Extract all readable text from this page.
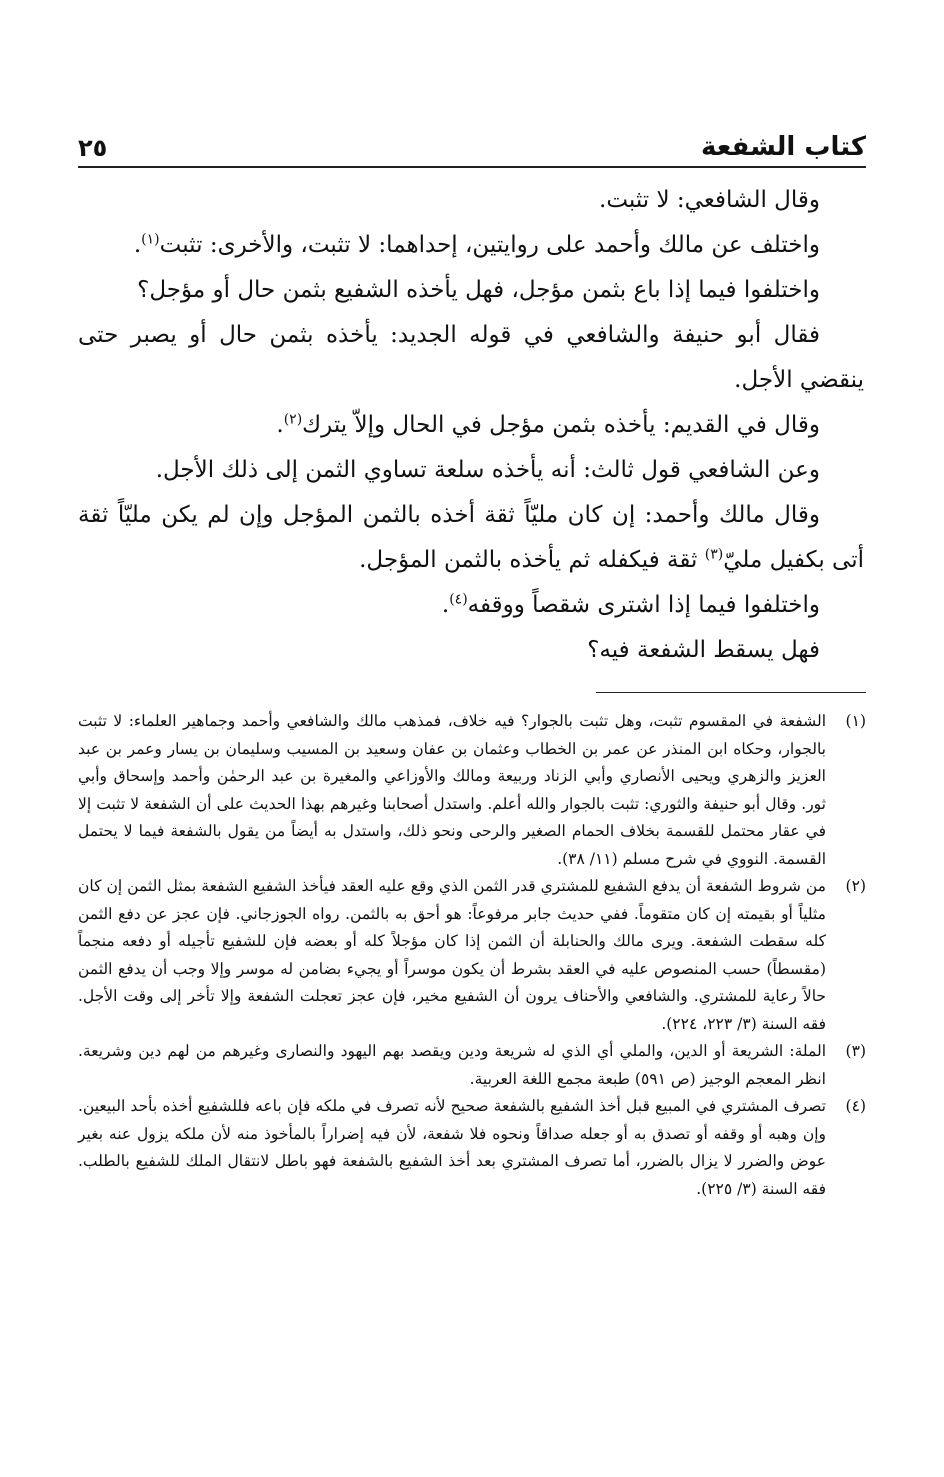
كتاب الشفعة
٢٥

وقال الشافعي: لا تثبت.

واختلف عن مالك وأحمد على روايتين، إحداهما: لا تثبت، والأخرى: تثبت$^{(١)}$.

واختلفوا فيما إذا باع بثمن مؤجل، فهل يأخذه الشفيع بثمن حال أو مؤجل؟

فقال أبو حنيفة والشافعي في قوله الجديد: يأخذه بثمن حال أو يصبر حتى ينقضي الأجل.

وقال في القديم: يأخذه بثمن مؤجل في الحال وإلاّ يترك$^{(٢)}$.

وعن الشافعي قول ثالث: أنه يأخذه سلعة تساوي الثمن إلى ذلك الأجل.

وقال مالك وأحمد: إن كان مليّاً ثقة أخذه بالثمن المؤجل وإن لم يكن مليّاً ثقة أتى بكفيل مليّ$^{(٣)}$ ثقة فيكفله ثم يأخذه بالثمن المؤجل.

واختلفوا فيما إذا اشترى شقصاً ووقفه$^{(٤)}$.

فهل يسقط الشفعة فيه؟

(١)
الشفعة في المقسوم تثبت، وهل تثبت بالجوار؟ فيه خلاف، فمذهب مالك والشافعي وأحمد وجماهير العلماء: لا تثبت بالجوار، وحكاه ابن المنذر عن عمر بن الخطاب وعثمان بن عفان وسعيد بن المسيب وسليمان بن يسار وعمر بن عبد العزيز والزهري ويحيى الأنصاري وأبي الزناد وربيعة ومالك والأوزاعي والمغيرة بن عبد الرحمٰن وأحمد وإسحاق وأبي ثور. وقال أبو حنيفة والثوري: تثبت بالجوار والله أعلم. واستدل أصحابنا وغيرهم بهذا الحديث على أن الشفعة لا تثبت إلا في عقار محتمل للقسمة بخلاف الحمام الصغير والرحى ونحو ذلك، واستدل به أيضاً من يقول بالشفعة فيما لا يحتمل القسمة. النووي في شرح مسلم (١١/ ٣٨).
(٢)
من شروط الشفعة أن يدفع الشفيع للمشتري قدر الثمن الذي وقع عليه العقد فيأخذ الشفيع الشفعة بمثل الثمن إن كان مثلياً أو بقيمته إن كان متقوماً. ففي حديث جابر مرفوعاً: هو أحق به بالثمن. رواه الجوزجاني. فإن عجز عن دفع الثمن كله سقطت الشفعة. ويرى مالك والحنابلة أن الثمن إذا كان مؤجلاً كله أو بعضه فإن للشفيع تأجيله أو دفعه منجماً (مقسطاً) حسب المنصوص عليه في العقد بشرط أن يكون موسراً أو يجيء بضامن له موسر وإلا وجب أن يدفع الثمن حالاً رعاية للمشتري. والشافعي والأحناف يرون أن الشفيع مخير، فإن عجز تعجلت الشفعة وإلا تأخر إلى وقت الأجل. فقه السنة (٣/ ٢٢٣، ٢٢٤).
(٣)
الملة: الشريعة أو الدين، والملي أي الذي له شريعة ودين ويقصد بهم اليهود والنصارى وغيرهم من لهم دين وشريعة. انظر المعجم الوجيز (ص ٥٩١) طبعة مجمع اللغة العربية.
(٤)
تصرف المشتري في المبيع قبل أخذ الشفيع بالشفعة صحيح لأنه تصرف في ملكه فإن باعه فللشفيع أخذه بأحد البيعين. وإن وهبه أو وقفه أو تصدق به أو جعله صداقاً ونحوه فلا شفعة، لأن فيه إضراراً بالمأخوذ منه لأن ملكه يزول عنه بغير عوض والضرر لا يزال بالضرر، أما تصرف المشتري بعد أخذ الشفيع بالشفعة فهو باطل لانتقال الملك للشفيع بالطلب. فقه السنة (٣/ ٢٢٥).
